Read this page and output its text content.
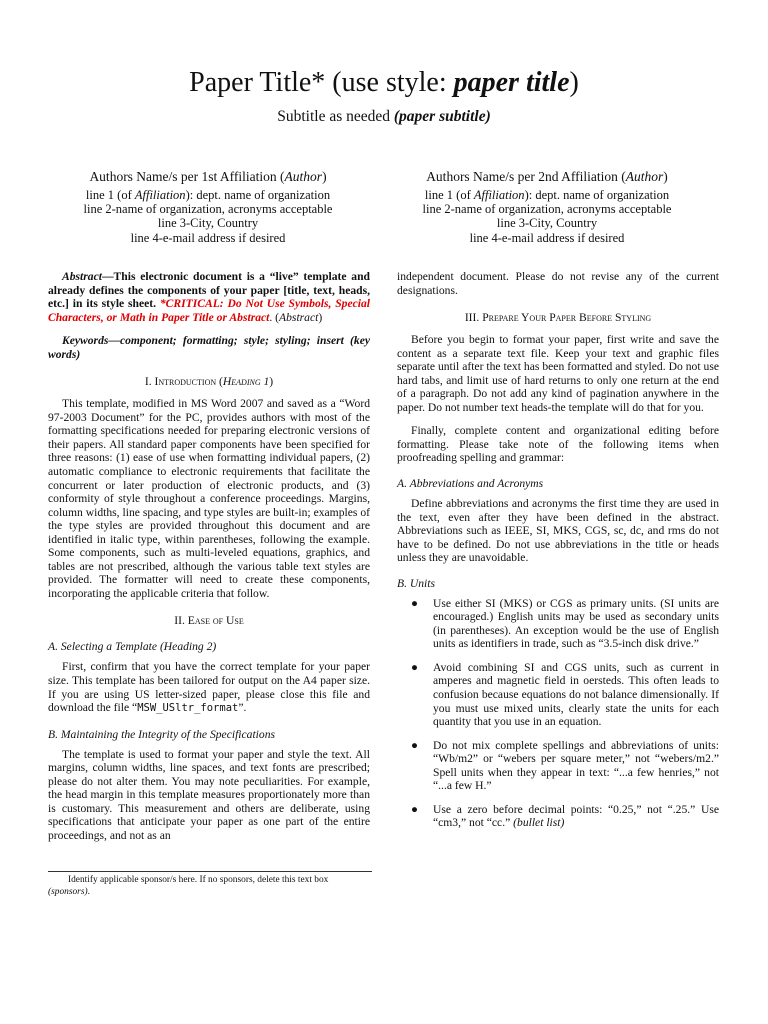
Paper Title* (use style: paper title)
Subtitle as needed (paper subtitle)
Authors Name/s per 1st Affiliation (Author)
line 1 (of Affiliation): dept. name of organization
line 2-name of organization, acronyms acceptable
line 3-City, Country
line 4-e-mail address if desired
Authors Name/s per 2nd Affiliation (Author)
line 1 (of Affiliation): dept. name of organization
line 2-name of organization, acronyms acceptable
line 3-City, Country
line 4-e-mail address if desired

Abstract—This electronic document is a “live” template and already defines the components of your paper [title, text, heads, etc.] in its style sheet. *CRITICAL: Do Not Use Symbols, Special Characters, or Math in Paper Title or Abstract. (Abstract)

Keywords—component; formatting; style; styling; insert (key words)

I. Introduction (Heading 1)

This template, modified in MS Word 2007 and saved as a “Word 97-2003 Document” for the PC, provides authors with most of the formatting specifications needed for preparing electronic versions of their papers. All standard paper components have been specified for three reasons: (1) ease of use when formatting individual papers, (2) automatic compliance to electronic requirements that facilitate the concurrent or later production of electronic products, and (3) conformity of style throughout a conference proceedings. Margins, column widths, line spacing, and type styles are built-in; examples of the type styles are provided throughout this document and are identified in italic type, within parentheses, following the example. Some components, such as multi-leveled equations, graphics, and tables are not prescribed, although the various table text styles are provided. The formatter will need to create these components, incorporating the applicable criteria that follow.

II. Ease of Use
A. Selecting a Template (Heading 2)

First, confirm that you have the correct template for your paper size. This template has been tailored for output on the A4 paper size. If you are using US letter-sized paper, please close this file and download the file “MSW_USltr_format”.

B. Maintaining the Integrity of the Specifications

The template is used to format your paper and style the text. All margins, column widths, line spaces, and text fonts are prescribed; please do not alter them. You may note peculiarities. For example, the head margin in this template measures proportionately more than is customary. This measurement and others are deliberate, using specifications that anticipate your paper as one part of the entire proceedings, and not as an

independent document. Please do not revise any of the current designations.

III. Prepare Your Paper Before Styling

Before you begin to format your paper, first write and save the content as a separate text file. Keep your text and graphic files separate until after the text has been formatted and styled. Do not use hard tabs, and limit use of hard returns to only one return at the end of a paragraph. Do not add any kind of pagination anywhere in the paper. Do not number text heads-the template will do that for you.

Finally, complete content and organizational editing before formatting. Please take note of the following items when proofreading spelling and grammar:

A. Abbreviations and Acronyms

Define abbreviations and acronyms the first time they are used in the text, even after they have been defined in the abstract. Abbreviations such as IEEE, SI, MKS, CGS, sc, dc, and rms do not have to be defined. Do not use abbreviations in the title or heads unless they are unavoidable.

B. Units
● Use either SI (MKS) or CGS as primary units. (SI units are encouraged.) English units may be used as secondary units (in parentheses). An exception would be the use of English units as identifiers in trade, such as “3.5-inch disk drive.”
● Avoid combining SI and CGS units, such as current in amperes and magnetic field in oersteds. This often leads to confusion because equations do not balance dimensionally. If you must use mixed units, clearly state the units for each quantity that you use in an equation.
● Do not mix complete spellings and abbreviations of units: “Wb/m2” or “webers per square meter,” not “webers/m2.” Spell units when they appear in text: “...a few henries,” not “...a few H.”
● Use a zero before decimal points: “0.25,” not “.25.” Use “cm3,” not “cc.” (bullet list)
Identify applicable sponsor/s here. If no sponsors, delete this text box (sponsors).
